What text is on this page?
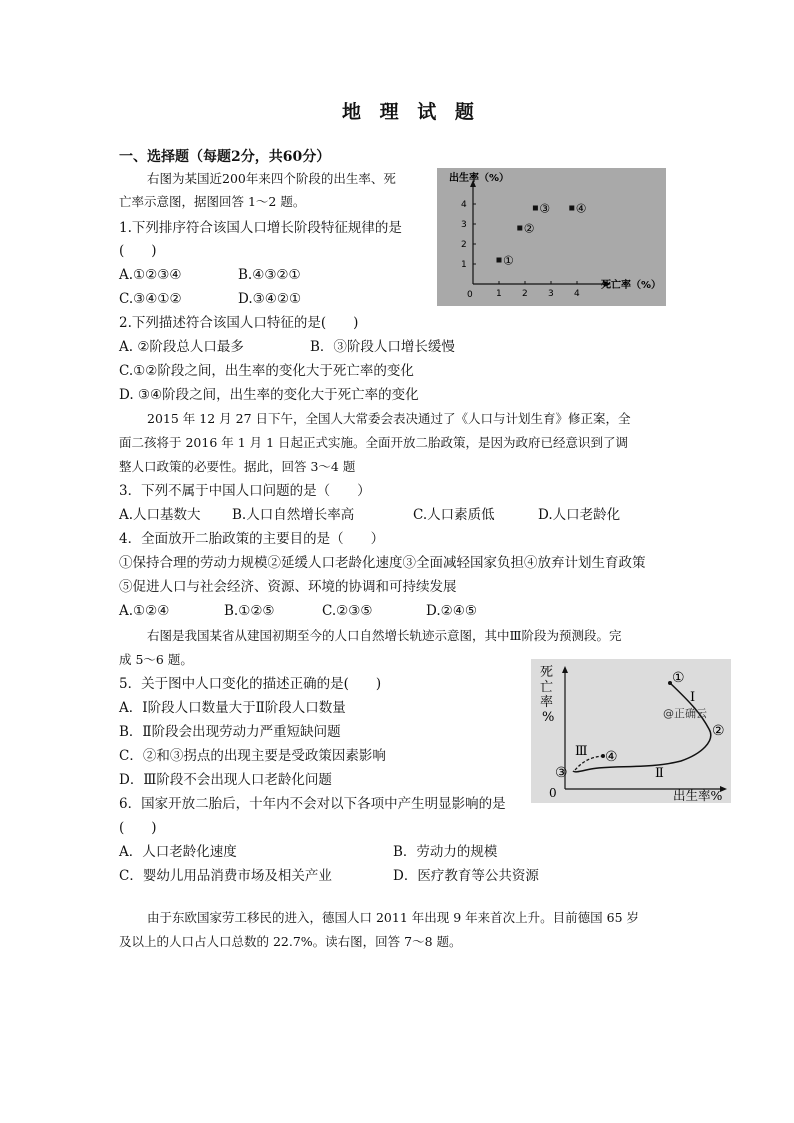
地 理 试 题
一、选择题（每题2分，共60分）
右图为某国近200年来四个阶段的出生率、死
亡率示意图，据图回答 1～2 题。
1.下列排序符合该国人口增长阶段特征规律的是
(　　)
A.①②③④	B.④③②①
C.③④①②	D.③④②①
2.下列描述符合该国人口特征的是(　　)
A. ②阶段总人口最多	B．③阶段人口增长缓慢
C.①②阶段之间，出生率的变化大于死亡率的变化
D. ③④阶段之间，出生率的变化大于死亡率的变化
2015 年 12 月 27 日下午，全国人大常委会表决通过了《人口与计划生育》修正案，全
面二孩将于 2016 年 1 月 1 日起正式实施。全面开放二胎政策，是因为政府已经意识到了调
整人口政策的必要性。据此，回答 3～4 题
3．下列不属于中国人口问题的是（　　）
A.人口基数大 B.人口自然增长率高	C.人口素质低	D.人口老龄化
4．全面放开二胎政策的主要目的是（　　）
①保持合理的劳动力规模②延缓人口老龄化速度③全面减轻国家负担④放弃计划生育政策
⑤促进人口与社会经济、资源、环境的协调和可持续发展
A.①②④	B.①②⑤	C.②③⑤	D.②④⑤
右图是我国某省从建国初期至今的人口自然增长轨迹示意图，其中Ⅲ阶段为预测段。完
成 5～6 题。
5．关于图中人口变化的描述正确的是(　　)
A．Ⅰ阶段人口数量大于Ⅱ阶段人口数量
B．Ⅱ阶段会出现劳动力严重短缺问题
C．②和③拐点的出现主要是受政策因素影响
D．Ⅲ阶段不会出现人口老龄化问题
6．国家开放二胎后，十年内不会对以下各项中产生明显影响的是
(　　)
A．人口老龄化速度	B．劳动力的规模
C．婴幼儿用品消费市场及相关产业	D．医疗教育等公共资源
由于东欧国家劳工移民的进入，德国人口 2011 年出现 9 年来首次上升。目前德国 65 岁
及以上的人口占人口总数的 22.7%。读右图，回答 7～8 题。
出生率（%）
死亡率（%）
0	1 2 3 4
1
2
3
4
①
②
③ ④
死
亡
率
%
出生率%
0
①
②
③
④
Ⅰ
Ⅱ
Ⅲ
@正确云
